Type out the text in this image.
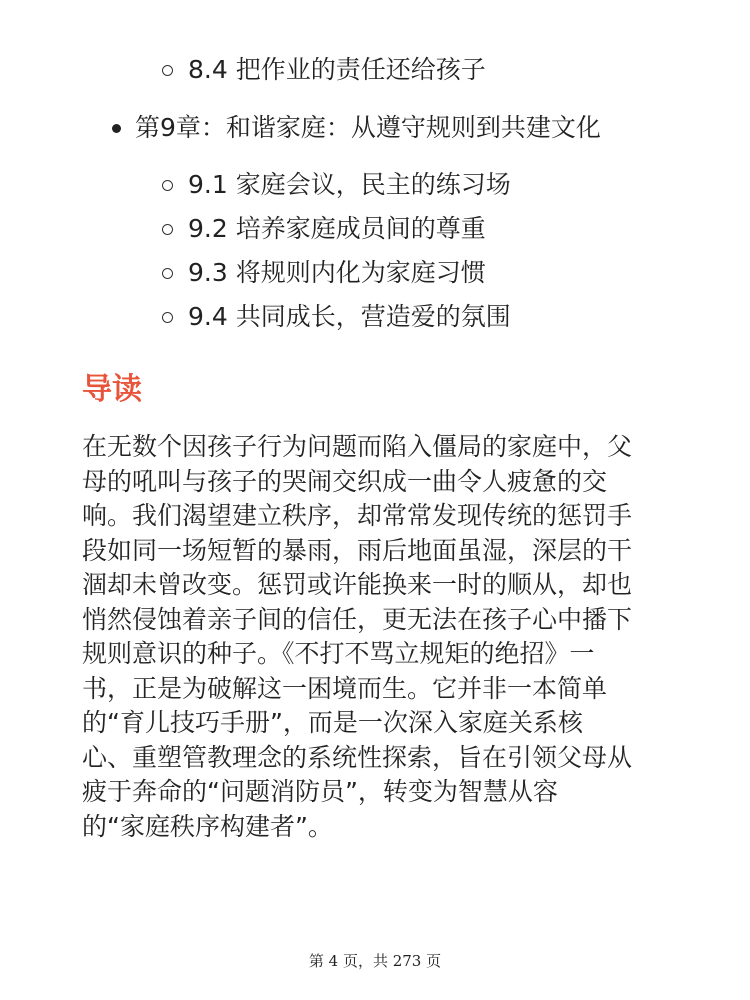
8.4 把作业的责任还给孩子
第9章：和谐家庭：从遵守规则到共建文化
9.1 家庭会议，民主的练习场
9.2 培养家庭成员间的尊重
9.3 将规则内化为家庭习惯
9.4 共同成长，营造爱的氛围
导读
在无数个因孩子行为问题而陷入僵局的家庭中，父
母的吼叫与孩子的哭闹交织成一曲令人疲惫的交
响。我们渴望建立秩序，却常常发现传统的惩罚手
段如同一场短暂的暴雨，雨后地面虽湿，深层的干
涸却未曾改变。惩罚或许能换来一时的顺从，却也
悄然侵蚀着亲子间的信任，更无法在孩子心中播下
规则意识的种子。《不打不骂立规矩的绝招》一
书，正是为破解这一困境而生。它并非一本简单
的“育儿技巧手册”，而是一次深入家庭关系核
心、重塑管教理念的系统性探索，旨在引领父母从
疲于奔命的“问题消防员”，转变为智慧从容
的“家庭秩序构建者”。
第 4 页，共 273 页
